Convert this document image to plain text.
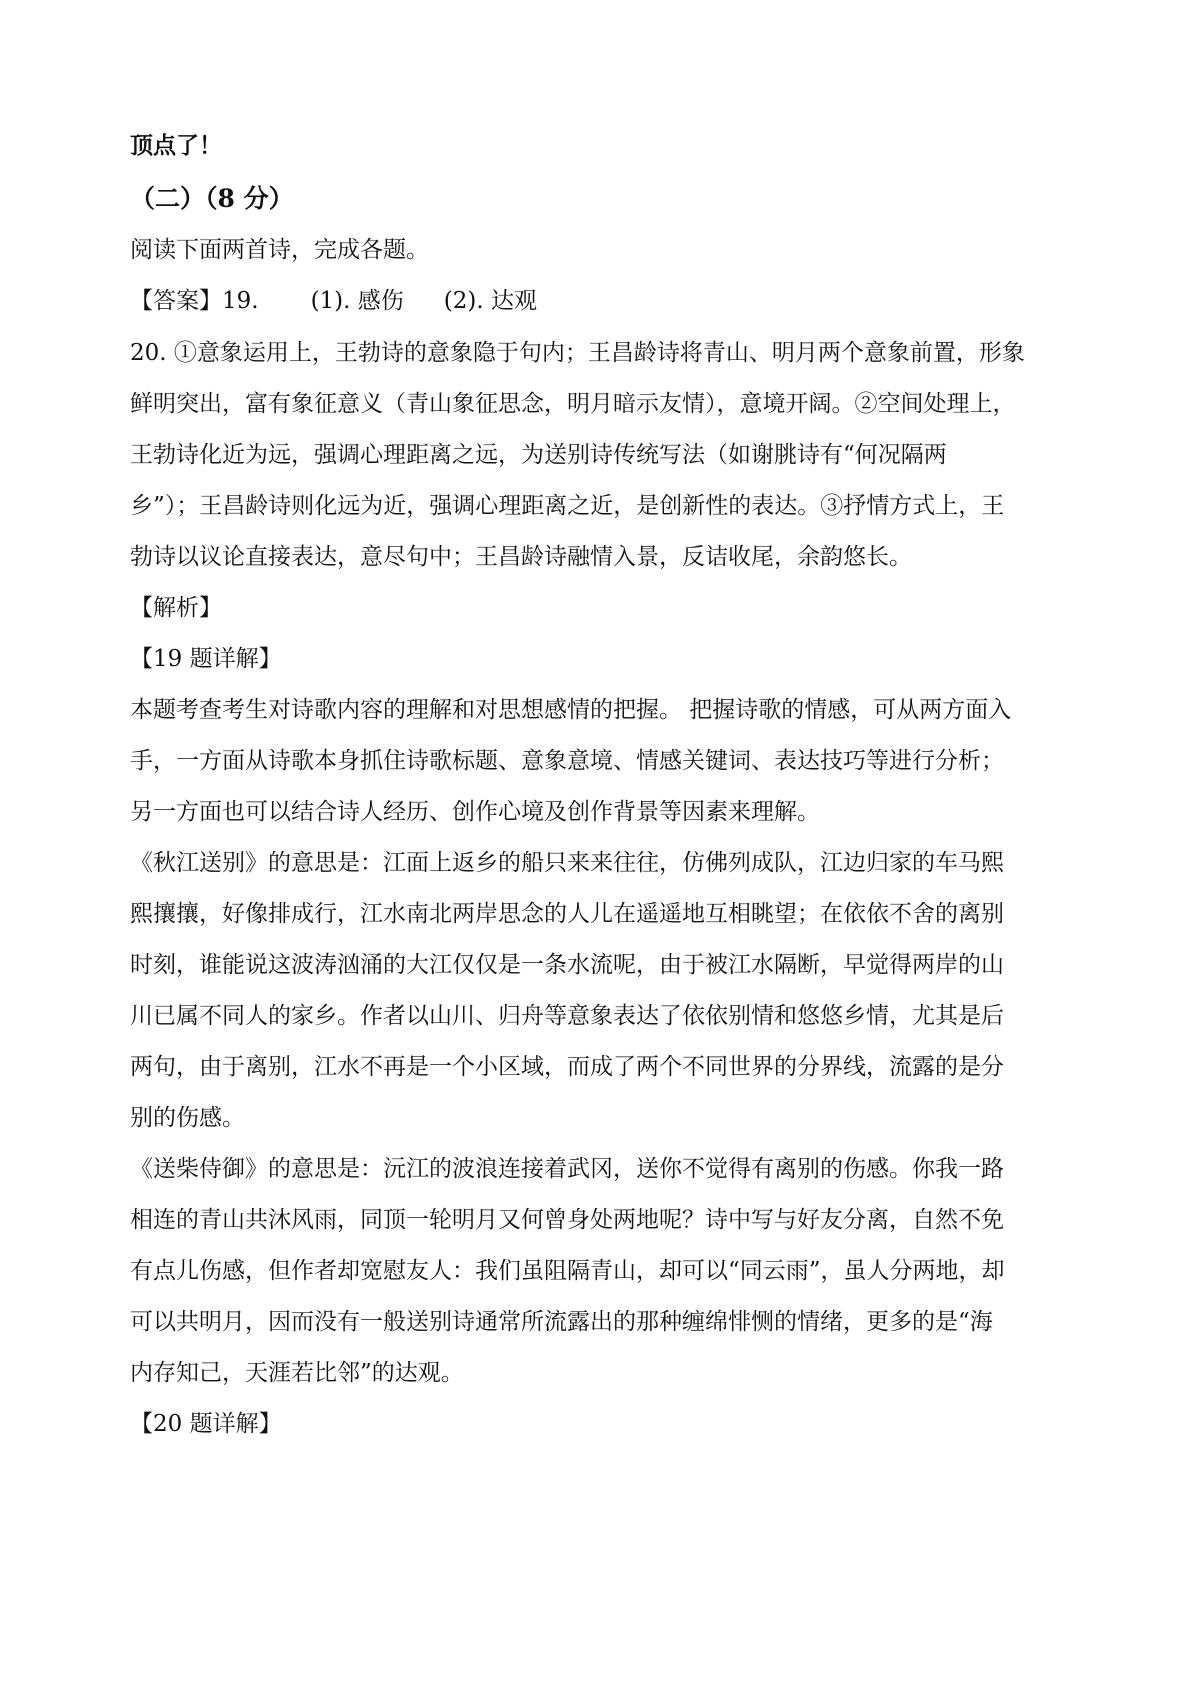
顶点了！
（二）（8 分）
阅读下面两首诗，完成各题。
【答案】19. (1). 感伤 (2). 达观
20. ①意象运用上，王勃诗的意象隐于句内；王昌龄诗将青山、明月两个意象前置，形象
鲜明突出，富有象征意义（青山象征思念，明月暗示友情），意境开阔。②空间处理上，
王勃诗化近为远，强调心理距离之远，为送别诗传统写法（如谢朓诗有“何况隔两
乡”）；王昌龄诗则化远为近，强调心理距离之近，是创新性的表达。③抒情方式上，王
勃诗以议论直接表达，意尽句中；王昌龄诗融情入景，反诘收尾，余韵悠长。
【解析】
【19 题详解】
本题考查考生对诗歌内容的理解和对思想感情的把握。 把握诗歌的情感，可从两方面入
手，一方面从诗歌本身抓住诗歌标题、意象意境、情感关键词、表达技巧等进行分析；
另一方面也可以结合诗人经历、创作心境及创作背景等因素来理解。
《秋江送别》的意思是：江面上返乡的船只来来往往，仿佛列成队，江边归家的车马熙
熙攘攘，好像排成行，江水南北两岸思念的人儿在遥遥地互相眺望；在依依不舍的离别
时刻，谁能说这波涛汹涌的大江仅仅是一条水流呢，由于被江水隔断，早觉得两岸的山
川已属不同人的家乡。作者以山川、归舟等意象表达了依依别情和悠悠乡情，尤其是后
两句，由于离别，江水不再是一个小区域，而成了两个不同世界的分界线，流露的是分
别的伤感。
《送柴侍御》的意思是：沅江的波浪连接着武冈，送你不觉得有离别的伤感。你我一路
相连的青山共沐风雨，同顶一轮明月又何曾身处两地呢？诗中写与好友分离，自然不免
有点儿伤感，但作者却宽慰友人：我们虽阻隔青山，却可以“同云雨”，虽人分两地，却
可以共明月，因而没有一般送别诗通常所流露出的那种缠绵悱恻的情绪，更多的是“海
内存知己，天涯若比邻”的达观。
【20 题详解】
